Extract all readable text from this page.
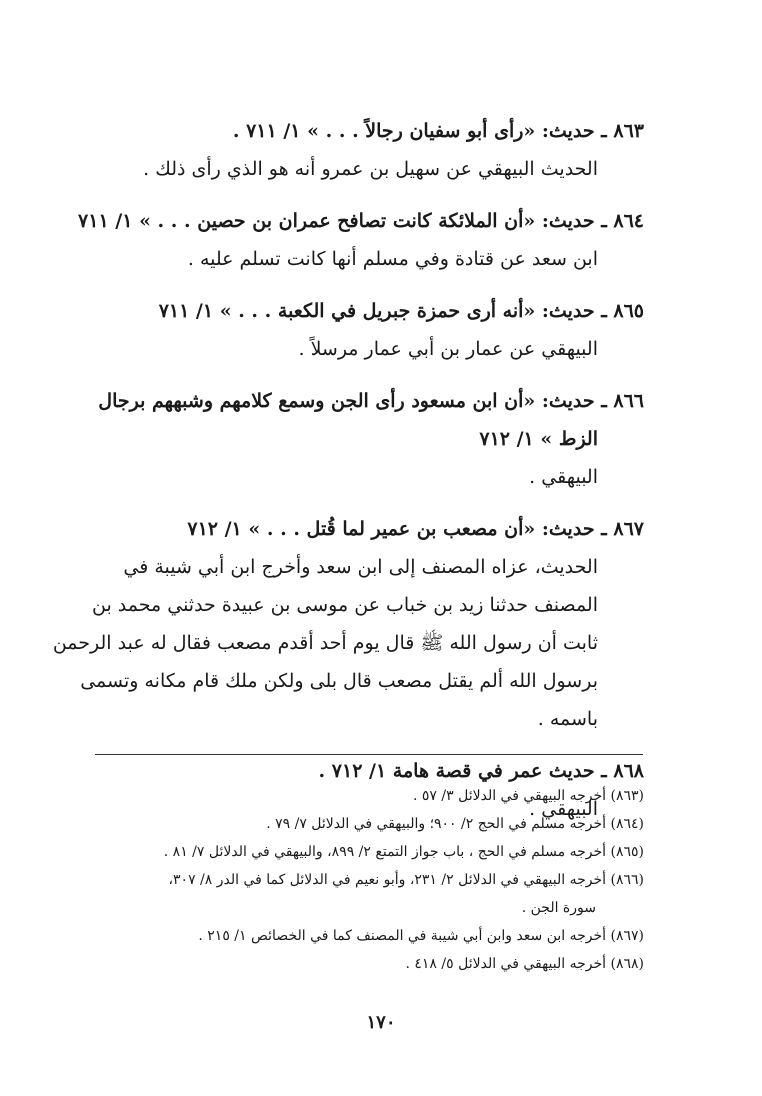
٨٦٣ ـ حديث: «رأى أبو سفيان رجالاً . . . » ١/ ٧١١ .
الحديث البيهقي عن سهيل بن عمرو أنه هو الذي رأى ذلك .
٨٦٤ ـ حديث: «أن الملائكة كانت تصافح عمران بن حصين . . . » ١/ ٧١١
ابن سعد عن قتادة وفي مسلم أنها كانت تسلم عليه .
٨٦٥ ـ حديث: «أنه أرى حمزة جبريل في الكعبة . . . » ١/ ٧١١
البيهقي عن عمار بن أبي عمار مرسلاً .
٨٦٦ ـ حديث: «أن ابن مسعود رأى الجن وسمع كلامهم وشبههم برجال
الزط » ١/ ٧١٢
البيهقي .
٨٦٧ ـ حديث: «أن مصعب بن عمير لما قُتل . . . » ١/ ٧١٢
الحديث، عزاه المصنف إلى ابن سعد وأخرج ابن أبي شيبة في
المصنف حدثنا زيد بن خباب عن موسى بن عبيدة حدثني محمد بن
ثابت أن رسول الله ﷺ قال يوم أحد أقدم مصعب فقال له عبد الرحمن
برسول الله ألم يقتل مصعب قال بلى ولكن ملك قام مكانه وتسمى
باسمه .
٨٦٨ ـ حديث عمر في قصة هامة ١/ ٧١٢ .
البيهقي .
(٨٦٣) أخرجه البيهقي في الدلائل ٣/ ٥٧ .
(٨٦٤) أخرجه مسلم في الحج ٢/ ٩٠٠؛ والبيهقي في الدلائل ٧/ ٧٩ .
(٨٦٥) أخرجه مسلم في الحج ، باب جواز التمتع ٢/ ٨٩٩، والبيهقي في الدلائل ٧/ ٨١ .
(٨٦٦) أخرجه البيهقي في الدلائل ٢/ ٢٣١، وأبو نعيم في الدلائل كما في الدر ٨/ ٣٠٧،
سورة الجن .
(٨٦٧) أخرجه ابن سعد وابن أبي شيبة في المصنف كما في الخصائص ١/ ٢١٥ .
(٨٦٨) أخرجه البيهقي في الدلائل ٥/ ٤١٨ .
١٧٠
